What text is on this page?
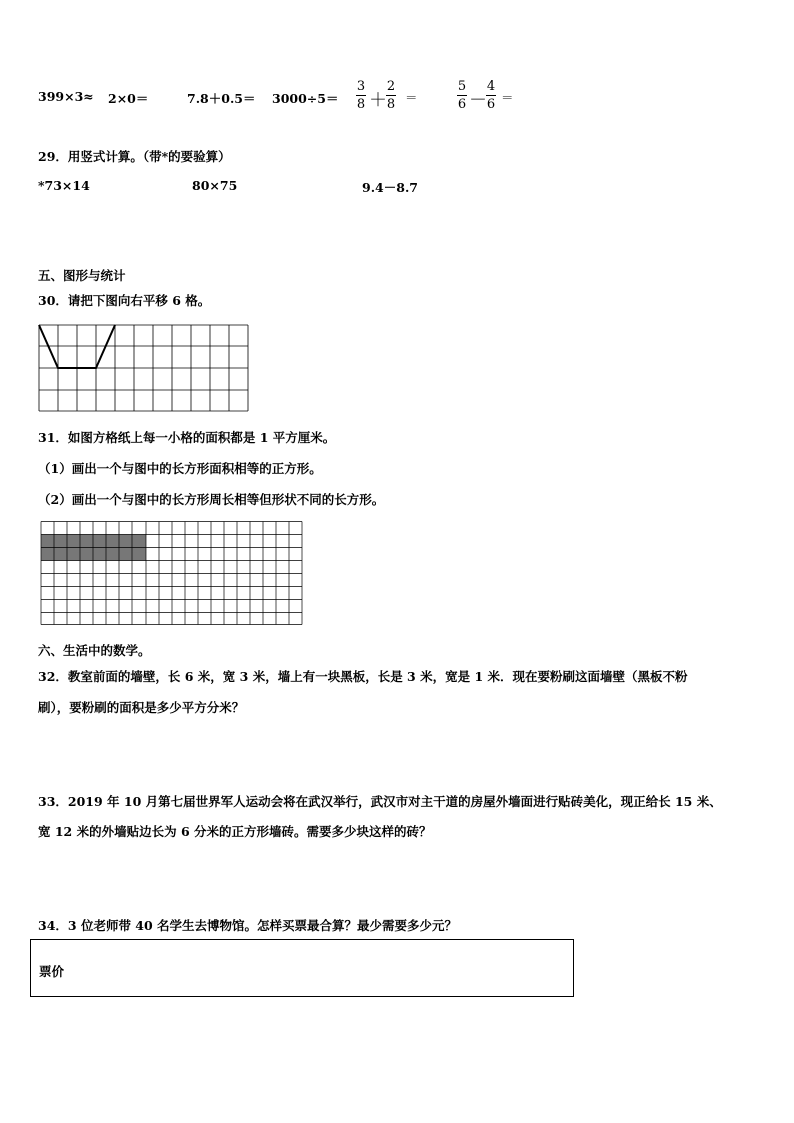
399×3≈ 2×0＝	7.8＋0.5＝ 3000÷5＝
3
8 ＋
2
8 ＝
5
6 －
4
6 ＝
29．用竖式计算。（带*的要验算）
*73×14	80×75	9.4－8.7
五、图形与统计
30．请把下图向右平移 6 格。
31．如图方格纸上每一小格的面积都是 1 平方厘米。
（1）画出一个与图中的长方形面积相等的正方形。
（2）画出一个与图中的长方形周长相等但形状不同的长方形。
六、生活中的数学。
32．教室前面的墙壁，长 6 米，宽 3 米，墙上有一块黑板，长是 3 米，宽是 1 米．现在要粉刷这面墙壁（黑板不粉
刷），要粉刷的面积是多少平方分米？
33．2019 年 10 月第七届世界军人运动会将在武汉举行，武汉市对主干道的房屋外墙面进行贴砖美化，现正给长 15 米、
宽 12 米的外墙贴边长为 6 分米的正方形墙砖。需要多少块这样的砖？
34．3 位老师带 40 名学生去博物馆。怎样买票最合算？最少需要多少元？
票价
